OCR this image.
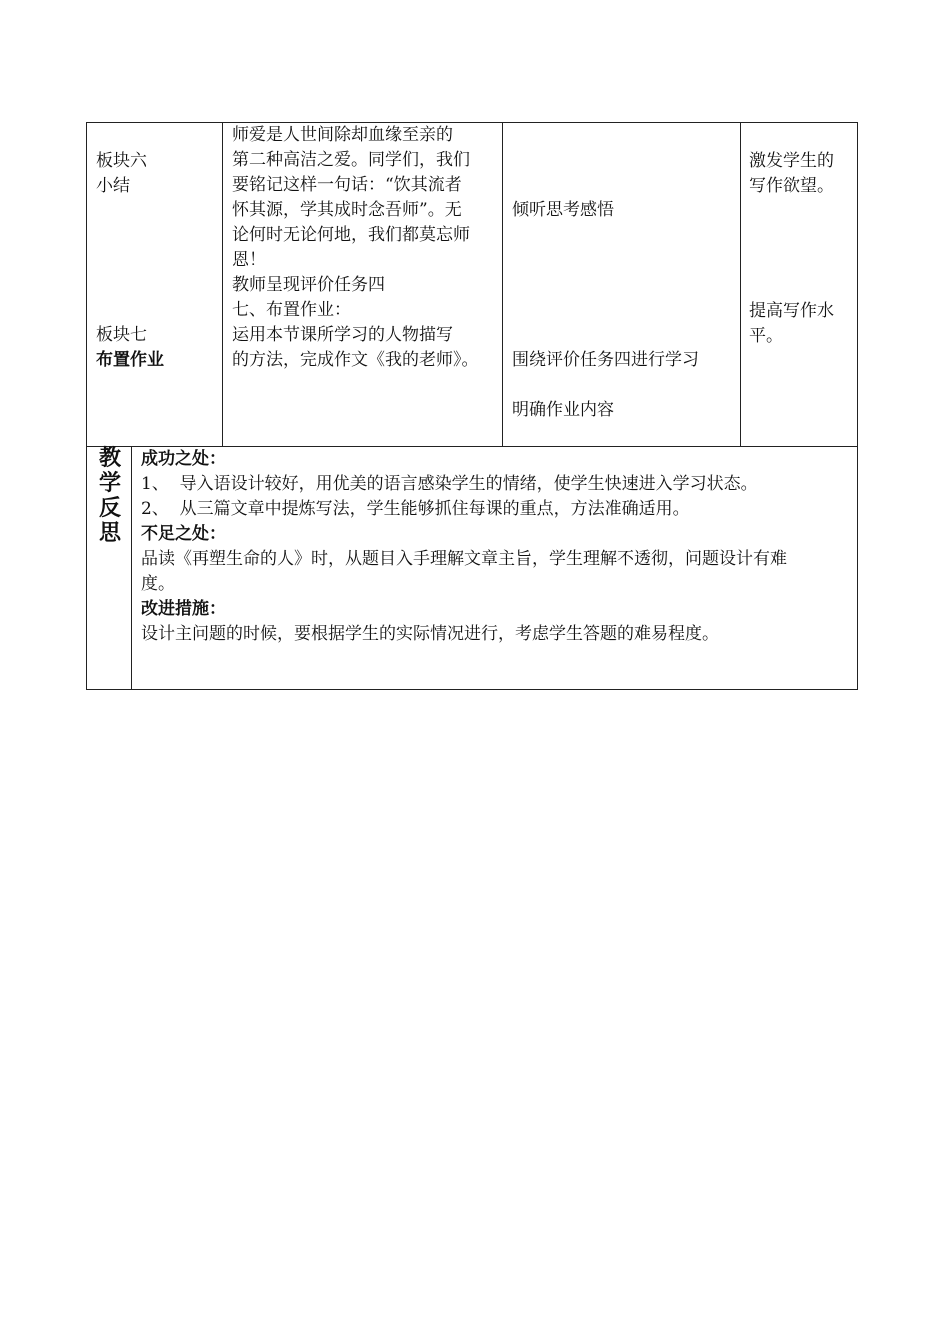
板块六
小结
板块七
布置作业
师爱是人世间除却血缘至亲的
第二种高洁之爱。同学们，我们
要铭记这样一句话：“饮其流者
怀其源，学其成时念吾师”。无
论何时无论何地，我们都莫忘师
恩！
教师呈现评价任务四
七、布置作业：
运用本节课所学习的人物描写
的方法，完成作文《我的老师》。
倾听思考感悟
围绕评价任务四进行学习
明确作业内容
激发学生的
写作欲望。
提高写作水
平。
教
学
反
思
成功之处：
1、  导入语设计较好，用优美的语言感染学生的情绪，使学生快速进入学习状态。
2、  从三篇文章中提炼写法，学生能够抓住每课的重点，方法准确适用。
不足之处：
品读《再塑生命的人》时，从题目入手理解文章主旨，学生理解不透彻，问题设计有难
度。
改进措施：
设计主问题的时候，要根据学生的实际情况进行，考虑学生答题的难易程度。
